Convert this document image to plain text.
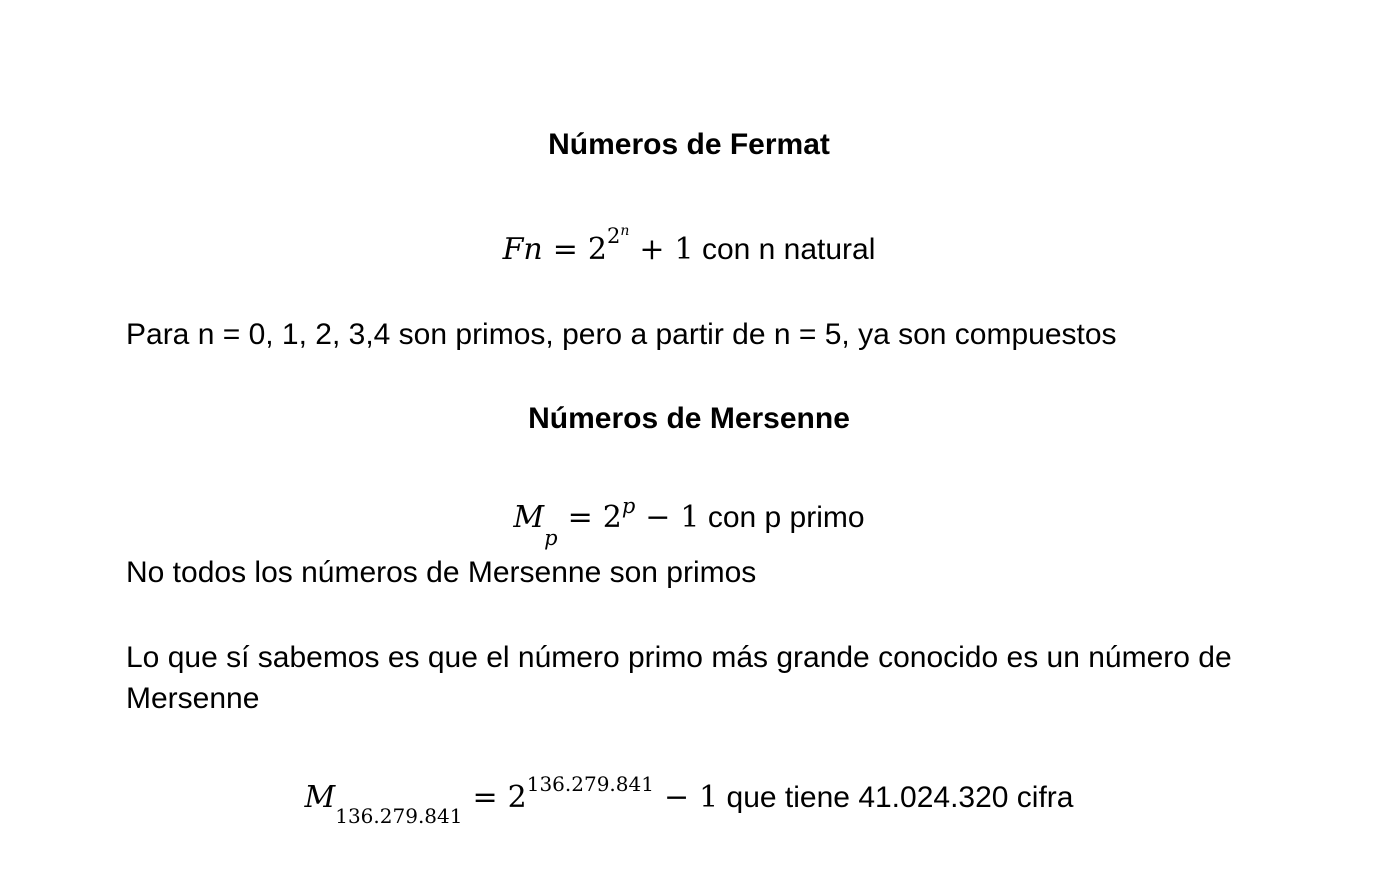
Números de Fermat
$Fn = 2^{2^n}+ 1$ con n natural
Para n = 0, 1, 2, 3,4 son primos, pero a partir de n = 5, ya son compuestos
Números de Mersenne
$M_p= 2^p - 1$ con p primo
No todos los números de Mersenne son primos
Lo que sí sabemos es que el número primo más grande conocido es un número de
Mersenne
$M_{136.279.841}= 2^{136.279.841} - 1$ que tiene 41.024.320 cifra
